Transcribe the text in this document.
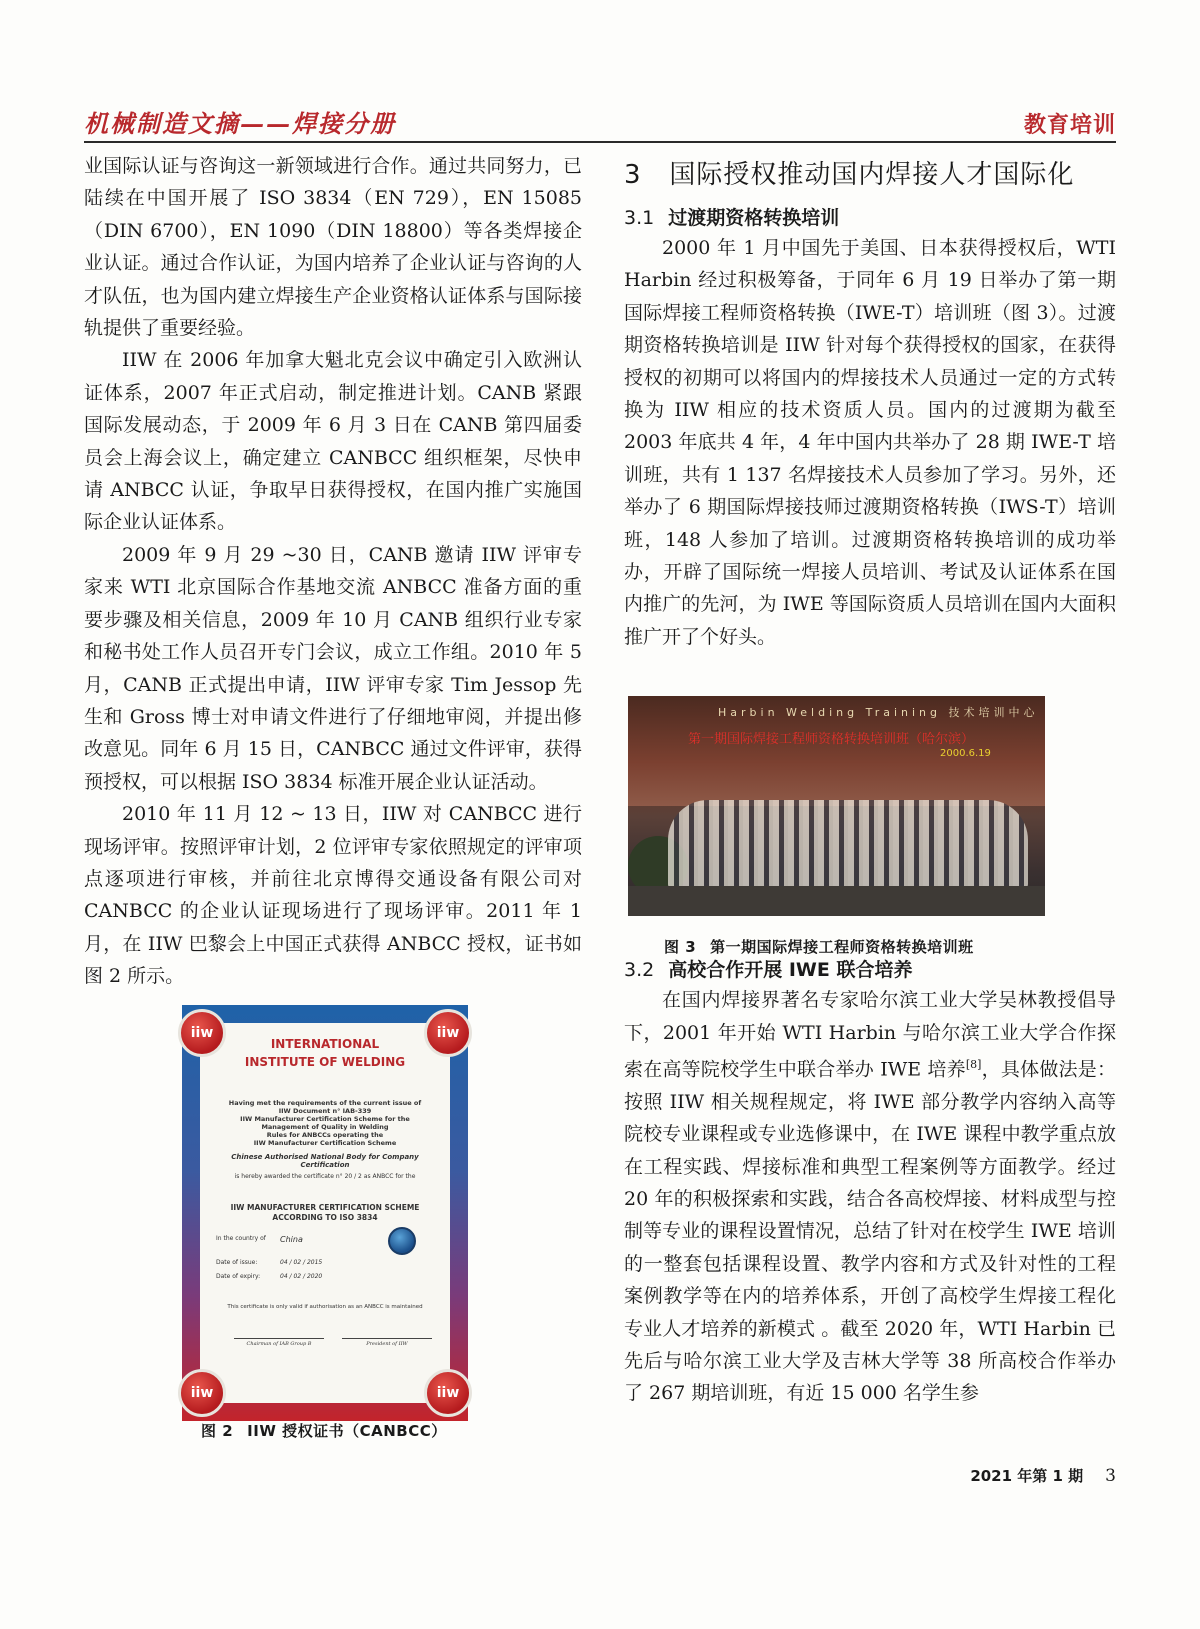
机械制造文摘——焊接分册	教育培训

业国际认证与咨询这一新领域进行合作。通过共同努力，已陆续在中国开展了 ISO 3834（EN 729），EN 15085（DIN 6700），EN 1090（DIN 18800）等各类焊接企业认证。通过合作认证，为国内培养了企业认证与咨询的人才队伍，也为国内建立焊接生产企业资格认证体系与国际接轨提供了重要经验。

IIW 在 2006 年加拿大魁北克会议中确定引入欧洲认证体系，2007 年正式启动，制定推进计划。CANB 紧跟国际发展动态，于 2009 年 6 月 3 日在 CANB 第四届委员会上海会议上，确定建立 CANBCC 组织框架，尽快申请 ANBCC 认证，争取早日获得授权，在国内推广实施国际企业认证体系。

2009 年 9 月 29 ~30 日，CANB 邀请 IIW 评审专家来 WTI 北京国际合作基地交流 ANBCC 准备方面的重要步骤及相关信息，2009 年 10 月 CANB 组织行业专家和秘书处工作人员召开专门会议，成立工作组。2010 年 5 月，CANB 正式提出申请，IIW 评审专家 Tim Jessop 先生和 Gross 博士对申请文件进行了仔细地审阅，并提出修改意见。同年 6 月 15 日，CANBCC 通过文件评审，获得预授权，可以根据 ISO 3834 标准开展企业认证活动。

2010 年 11 月 12 ~ 13 日，IIW 对 CANBCC 进行现场评审。按照评审计划，2 位评审专家依照规定的评审项点逐项进行审核，并前往北京博得交通设备有限公司对 CANBCC 的企业认证现场进行了现场评审。2011 年 1 月，在 IIW 巴黎会上中国正式获得 ANBCC 授权，证书如图 2 所示。

iiw	iiw
iiw	iiw
INTERNATIONAL
INSTITUTE OF WELDING
Having met the requirements of the current issue of
IIW Document n° IAB-339
IIW Manufacturer Certification Scheme for the
Management of Quality in Welding
Rules for ANBCCs operating the
IIW Manufacturer Certification Scheme
Chinese Authorised National Body for Company Certification
is hereby awarded the certificate n° 20 / 2 as ANBCC for the
IIW MANUFACTURER CERTIFICATION SCHEME
ACCORDING TO ISO 3834
In the country of China
Date of issue:	04 / 02 / 2015
Date of expiry:	04 / 02 / 2020
This certificate is only valid if authorisation as an ANBCC is maintained
Chairman of IAB Group B	President of IIW
图 2 IIW 授权证书（CANBCC）
3 国际授权推动国内焊接人才国际化
3.1 过渡期资格转换培训

2000 年 1 月中国先于美国、日本获得授权后，WTI Harbin 经过积极筹备，于同年 6 月 19 日举办了第一期国际焊接工程师资格转换（IWE-T）培训班（图 3）。过渡期资格转换培训是 IIW 针对每个获得授权的国家，在获得授权的初期可以将国内的焊接技术人员通过一定的方式转换为 IIW 相应的技术资质人员。国内的过渡期为截至 2003 年底共 4 年，4 年中国内共举办了 28 期 IWE-T 培训班，共有 1 137 名焊接技术人员参加了学习。另外，还举办了 6 期国际焊接技师过渡期资格转换（IWS-T）培训班，148 人参加了培训。过渡期资格转换培训的成功举办，开辟了国际统一焊接人员培训、考试及认证体系在国内推广的先河，为 IWE 等国际资质人员培训在国内大面积推广开了个好头。

3.2 高校合作开展 IWE 联合培养

在国内焊接界著名专家哈尔滨工业大学吴林教授倡导下，2001 年开始 WTI Harbin 与哈尔滨工业大学合作探索在高等院校学生中联合举办 IWE 培养[8]，具体做法是：按照 IIW 相关规程规定，将 IWE 部分教学内容纳入高等院校专业课程或专业选修课中，在 IWE 课程中教学重点放在工程实践、焊接标准和典型工程案例等方面教学。经过 20 年的积极探索和实践，结合各高校焊接、材料成型与控制等专业的课程设置情况，总结了针对在校学生 IWE 培训的一整套包括课程设置、教学内容和方式及针对性的工程案例教学等在内的培养体系，开创了高校学生焊接工程化专业人才培养的新模式 。截至 2020 年，WTI Harbin 已先后与哈尔滨工业大学及吉林大学等 38 所高校合作举办了 267 期培训班，有近 15 000 名学生参

Harbin Welding Training 技术培训中心
第一期国际焊接工程师资格转换培训班（哈尔滨）
2000.6.19
图 3 第一期国际焊接工程师资格转换培训班
2021 年第 1 期 3
